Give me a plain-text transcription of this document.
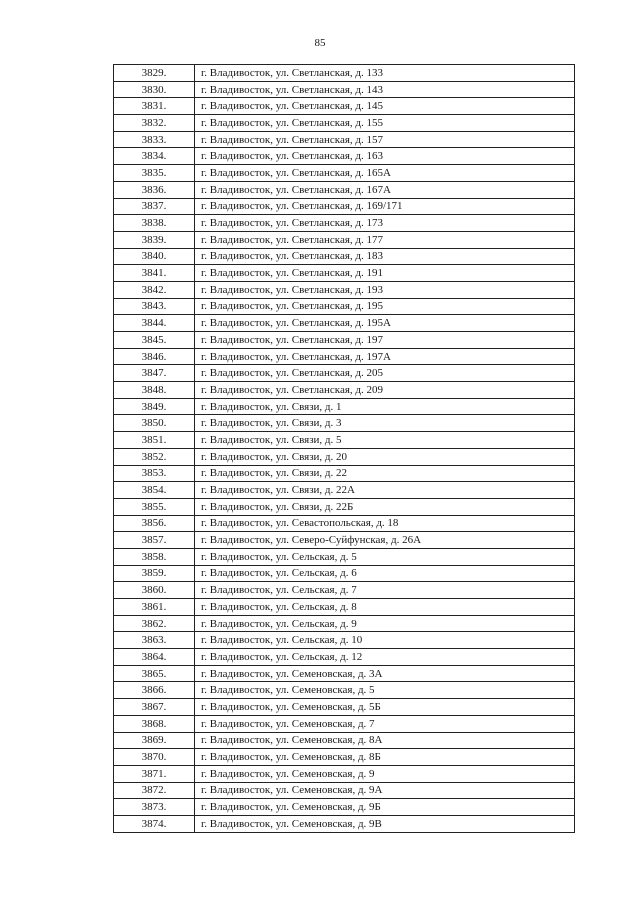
85
3829.	г. Владивосток, ул. Светланская, д. 133
3830.	г. Владивосток, ул. Светланская, д. 143
3831.	г. Владивосток, ул. Светланская, д. 145
3832.	г. Владивосток, ул. Светланская, д. 155
3833.	г. Владивосток, ул. Светланская, д. 157
3834.	г. Владивосток, ул. Светланская, д. 163
3835.	г. Владивосток, ул. Светланская, д. 165А
3836.	г. Владивосток, ул. Светланская, д. 167А
3837.	г. Владивосток, ул. Светланская, д. 169/171
3838.	г. Владивосток, ул. Светланская, д. 173
3839.	г. Владивосток, ул. Светланская, д. 177
3840.	г. Владивосток, ул. Светланская, д. 183
3841.	г. Владивосток, ул. Светланская, д. 191
3842.	г. Владивосток, ул. Светланская, д. 193
3843.	г. Владивосток, ул. Светланская, д. 195
3844.	г. Владивосток, ул. Светланская, д. 195А
3845.	г. Владивосток, ул. Светланская, д. 197
3846.	г. Владивосток, ул. Светланская, д. 197А
3847.	г. Владивосток, ул. Светланская, д. 205
3848.	г. Владивосток, ул. Светланская, д. 209
3849.	г. Владивосток, ул. Связи, д. 1
3850.	г. Владивосток, ул. Связи, д. 3
3851.	г. Владивосток, ул. Связи, д. 5
3852.	г. Владивосток, ул. Связи, д. 20
3853.	г. Владивосток, ул. Связи, д. 22
3854.	г. Владивосток, ул. Связи, д. 22А
3855.	г. Владивосток, ул. Связи, д. 22Б
3856.	г. Владивосток, ул. Севастопольская, д. 18
3857.	г. Владивосток, ул. Северо-Суйфунская, д. 26А
3858.	г. Владивосток, ул. Сельская, д. 5
3859.	г. Владивосток, ул. Сельская, д. 6
3860.	г. Владивосток, ул. Сельская, д. 7
3861.	г. Владивосток, ул. Сельская, д. 8
3862.	г. Владивосток, ул. Сельская, д. 9
3863.	г. Владивосток, ул. Сельская, д. 10
3864.	г. Владивосток, ул. Сельская, д. 12
3865.	г. Владивосток, ул. Семеновская, д. 3А
3866.	г. Владивосток, ул. Семеновская, д. 5
3867.	г. Владивосток, ул. Семеновская, д. 5Б
3868.	г. Владивосток, ул. Семеновская, д. 7
3869.	г. Владивосток, ул. Семеновская, д. 8А
3870.	г. Владивосток, ул. Семеновская, д. 8Б
3871.	г. Владивосток, ул. Семеновская, д. 9
3872.	г. Владивосток, ул. Семеновская, д. 9А
3873.	г. Владивосток, ул. Семеновская, д. 9Б
3874.	г. Владивосток, ул. Семеновская, д. 9В
